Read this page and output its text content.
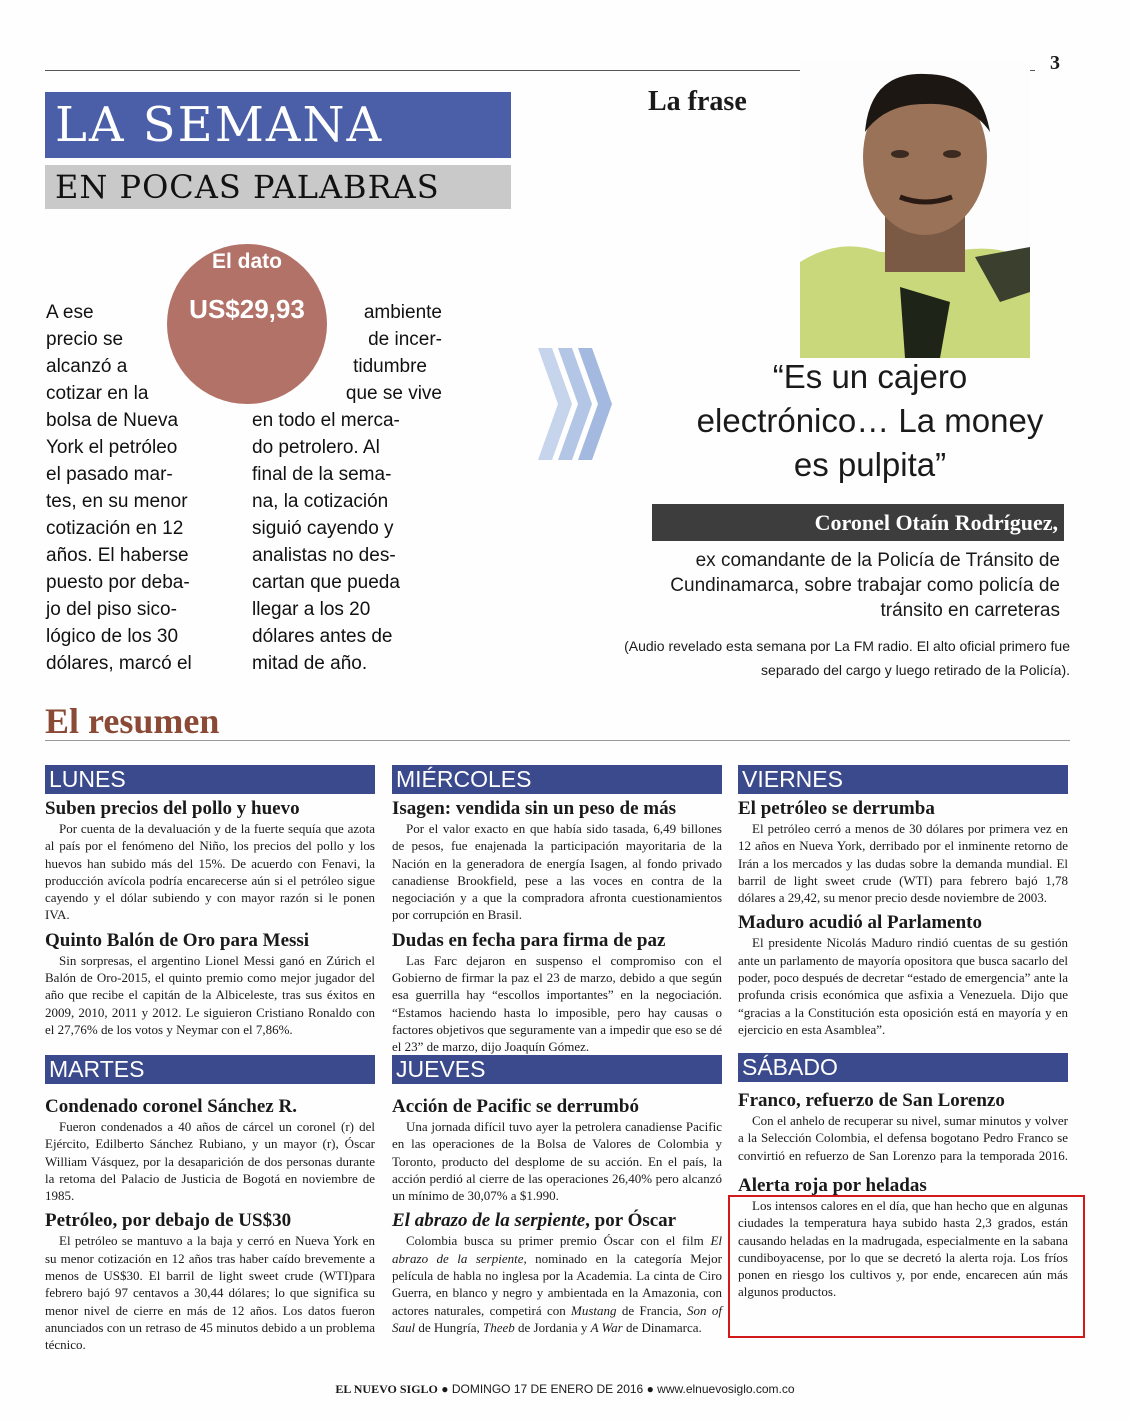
3
LA SEMANA
EN POCAS PALABRAS
El dato
US$29,93
A ese
precio se
alcanzó a
cotizar en la
bolsa de Nueva
York el petróleo
el pasado mar-
tes, en su menor
cotización en 12
años. El haberse
puesto por deba-
jo del piso sico-
lógico de los 30
dólares, marcó el
ambiente
de incer-
tidumbre
que se vive
en todo el merca-
do petrolero. Al
final de la sema-
na, la cotización
siguió cayendo y
analistas no des-
cartan que pueda
llegar a los 20
dólares antes de
mitad de año.
La frase
“Es un cajero electrónico… La money es pulpita”
Coronel Otaín Rodríguez,
ex comandante de la Policía de Tránsito de Cundinamarca, sobre trabajar como policía de tránsito en carreteras
(Audio revelado esta semana por La FM radio. El alto oficial primero fue separado del cargo y luego retirado de la Policía).
El resumen
LUNES
Suben precios del pollo y huevo

Por cuenta de la devaluación y de la fuerte sequía que azota al país por el fenómeno del Niño, los precios del pollo y los huevos han subido más del 15%. De acuerdo con Fenavi, la producción avícola podría encarecerse aún si el petróleo sigue cayendo y el dólar subiendo y con mayor razón si le ponen IVA.

Quinto Balón de Oro para Messi

Sin sorpresas, el argentino Lionel Messi ganó en Zúrich el Balón de Oro-2015, el quinto premio como mejor jugador del año que recibe el capitán de la Albiceleste, tras sus éxitos en 2009, 2010, 2011 y 2012. Le siguieron Cristiano Ronaldo con el 27,76% de los votos y Neymar con el 7,86%.

MARTES
Condenado coronel Sánchez R.

Fueron condenados a 40 años de cárcel un coronel (r) del Ejército, Edilberto Sánchez Rubiano, y un mayor (r), Óscar William Vásquez, por la desaparición de dos personas durante la retoma del Palacio de Justicia de Bogotá en noviembre de 1985.

Petróleo, por debajo de US$30

El petróleo se mantuvo a la baja y cerró en Nueva York en su menor cotización en 12 años tras haber caído brevemente a menos de US$30. El barril de light sweet crude (WTI)para febrero bajó 97 centavos a 30,44 dólares; lo que significa su menor nivel de cierre en más de 12 años. Los datos fueron anunciados con un retraso de 45 minutos debido a un problema técnico.

MIÉRCOLES
Isagen: vendida sin un peso de más

Por el valor exacto en que había sido tasada, 6,49 billones de pesos, fue enajenada la participación mayoritaria de la Nación en la generadora de energía Isagen, al fondo privado canadiense Brookfield, pese a las voces en contra de la negociación y a que la compradora afronta cuestionamientos por corrupción en Brasil.

Dudas en fecha para firma de paz

Las Farc dejaron en suspenso el compromiso con el Gobierno de firmar la paz el 23 de marzo, debido a que según esa guerrilla hay “escollos importantes” en la negociación. “Estamos haciendo hasta lo imposible, pero hay causas o factores objetivos que seguramente van a impedir que eso se dé el 23” de marzo, dijo Joaquín Gómez.

JUEVES
Acción de Pacific se derrumbó

Una jornada difícil tuvo ayer la petrolera canadiense Pacific en las operaciones de la Bolsa de Valores de Colombia y Toronto, producto del desplome de su acción. En el país, la acción perdió al cierre de las operaciones 26,40% pero alcanzó un mínimo de 30,07% a $1.990.

El abrazo de la serpiente, por Óscar

Colombia busca su primer premio Óscar con el film El abrazo de la serpiente, nominado en la categoría Mejor película de habla no inglesa por la Academia. La cinta de Ciro Guerra, en blanco y negro y ambientada en la Amazonia, con actores naturales, competirá con Mustang de Francia, Son of Saul de Hungría, Theeb de Jordania y A War de Dinamarca.

VIERNES
El petróleo se derrumba

El petróleo cerró a menos de 30 dólares por primera vez en 12 años en Nueva York, derribado por el inminente retorno de Irán a los mercados y las dudas sobre la demanda mundial. El barril de light sweet crude (WTI) para febrero bajó 1,78 dólares a 29,42, su menor precio desde noviembre de 2003.

Maduro acudió al Parlamento

El presidente Nicolás Maduro rindió cuentas de su gestión ante un parlamento de mayoría opositora que busca sacarlo del poder, poco después de decretar “estado de emergencia” ante la profunda crisis económica que asfixia a Venezuela. Dijo que “gracias a la Constitución esta oposición está en mayoría y en ejercicio en esta Asamblea”.

SÁBADO
Franco, refuerzo de San Lorenzo

Con el anhelo de recuperar su nivel, sumar minutos y volver a la Selección Colombia, el defensa bogotano Pedro Franco se convirtió en refuerzo de San Lorenzo para la temporada 2016.

Alerta roja por heladas

Los intensos calores en el día, que han hecho que en algunas ciudades la temperatura haya subido hasta 2,3 grados, están causando heladas en la madrugada, especialmente en la sabana cundiboyacense, por lo que se decretó la alerta roja. Los fríos ponen en riesgo los cultivos y, por ende, encarecen aún más algunos productos.

EL NUEVO SIGLO ● DOMINGO 17 DE ENERO DE 2016 ● www.elnuevosiglo.com.co
